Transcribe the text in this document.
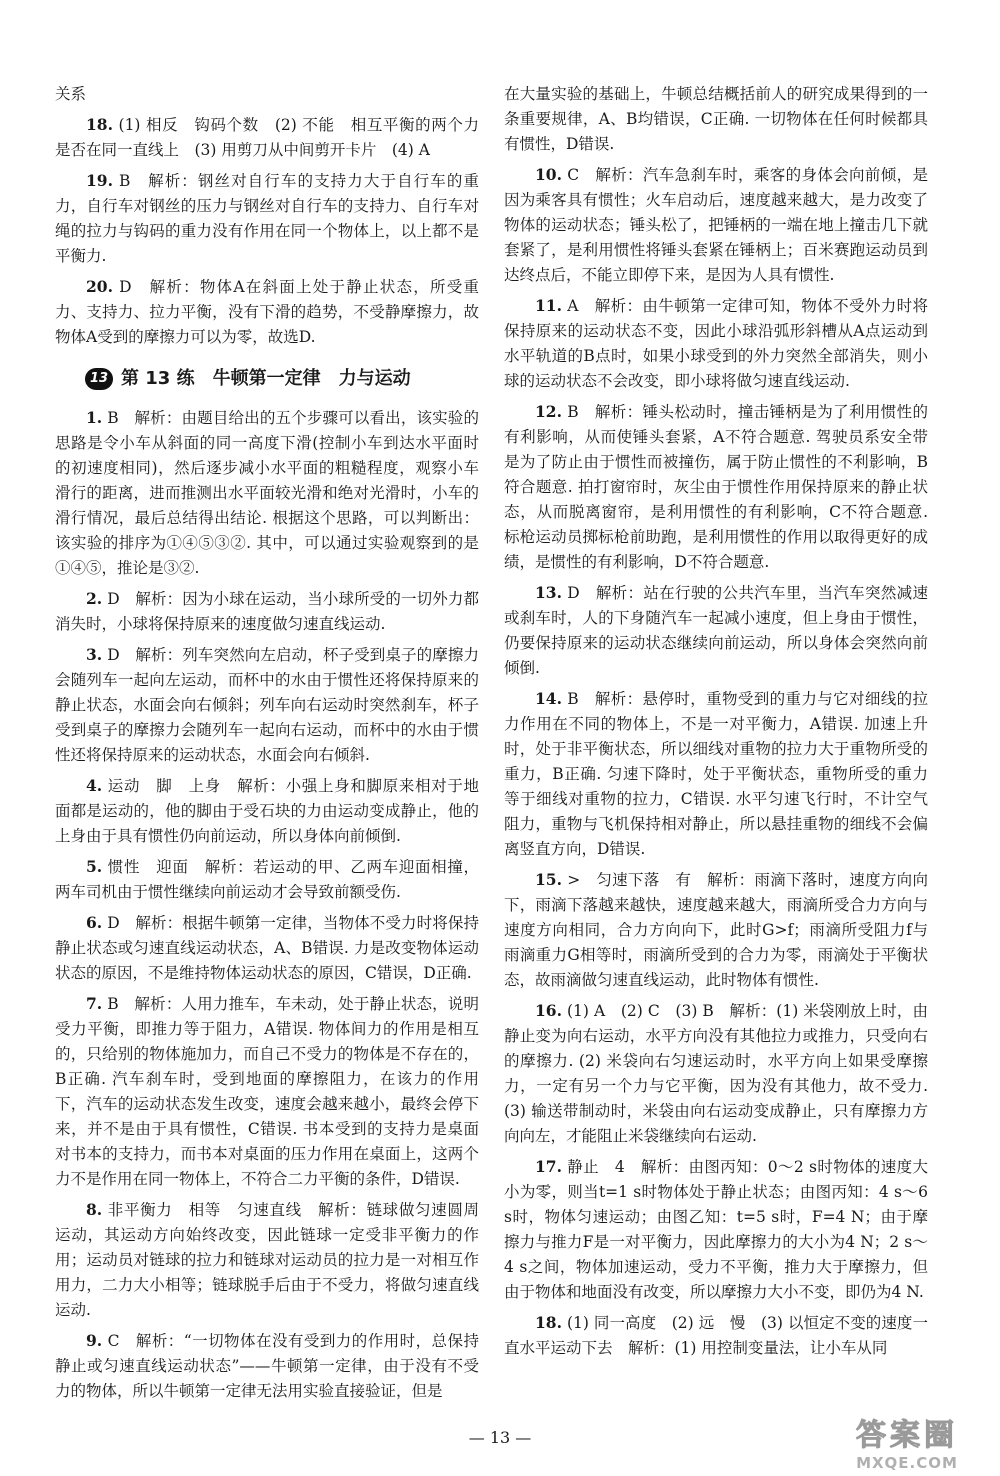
关系

18. (1) 相反　钩码个数　(2) 不能　相互平衡的两个力是否在同一直线上　(3) 用剪刀从中间剪开卡片　(4) A

19. B　解析：钢丝对自行车的支持力大于自行车的重力，自行车对钢丝的压力与钢丝对自行车的支持力、自行车对绳的拉力与钩码的重力没有作用在同一个物体上，以上都不是平衡力.

20. D　解析：物体A在斜面上处于静止状态，所受重力、支持力、拉力平衡，没有下滑的趋势，不受静摩擦力，故物体A受到的摩擦力可以为零，故选D.

13 第 13 练　牛顿第一定律　力与运动

1. B　解析：由题目给出的五个步骤可以看出，该实验的思路是令小车从斜面的同一高度下滑(控制小车到达水平面时的初速度相同)，然后逐步减小水平面的粗糙程度，观察小车滑行的距离，进而推测出水平面较光滑和绝对光滑时，小车的滑行情况，最后总结得出结论. 根据这个思路，可以判断出：该实验的排序为①④⑤③②. 其中，可以通过实验观察到的是①④⑤，推论是③②.

2. D　解析：因为小球在运动，当小球所受的一切外力都消失时，小球将保持原来的速度做匀速直线运动.

3. D　解析：列车突然向左启动，杯子受到桌子的摩擦力会随列车一起向左运动，而杯中的水由于惯性还将保持原来的静止状态，水面会向右倾斜；列车向右运动时突然刹车，杯子受到桌子的摩擦力会随列车一起向右运动，而杯中的水由于惯性还将保持原来的运动状态，水面会向右倾斜.

4. 运动　脚　上身　解析：小强上身和脚原来相对于地面都是运动的，他的脚由于受石块的力由运动变成静止，他的上身由于具有惯性仍向前运动，所以身体向前倾倒.

5. 惯性　迎面　解析：若运动的甲、乙两车迎面相撞，两车司机由于惯性继续向前运动才会导致前额受伤.

6. D　解析：根据牛顿第一定律，当物体不受力时将保持静止状态或匀速直线运动状态，A、B错误. 力是改变物体运动状态的原因，不是维持物体运动状态的原因，C错误，D正确.

7. B　解析：人用力推车，车未动，处于静止状态，说明受力平衡，即推力等于阻力，A错误. 物体间力的作用是相互的，只给别的物体施加力，而自己不受力的物体是不存在的，B正确. 汽车刹车时，受到地面的摩擦阻力，在该力的作用下，汽车的运动状态发生改变，速度会越来越小，最终会停下来，并不是由于具有惯性，C错误. 书本受到的支持力是桌面对书本的支持力，而书本对桌面的压力作用在桌面上，这两个力不是作用在同一物体上，不符合二力平衡的条件，D错误.

8. 非平衡力　相等　匀速直线　解析：链球做匀速圆周运动，其运动方向始终改变，因此链球一定受非平衡力的作用；运动员对链球的拉力和链球对运动员的拉力是一对相互作用力，二力大小相等；链球脱手后由于不受力，将做匀速直线运动.

9. C　解析：“一切物体在没有受到力的作用时，总保持静止或匀速直线运动状态”——牛顿第一定律，由于没有不受力的物体，所以牛顿第一定律无法用实验直接验证，但是

在大量实验的基础上，牛顿总结概括前人的研究成果得到的一条重要规律，A、B均错误，C正确. 一切物体在任何时候都具有惯性，D错误.

10. C　解析：汽车急刹车时，乘客的身体会向前倾，是因为乘客具有惯性；火车启动后，速度越来越大，是力改变了物体的运动状态；锤头松了，把锤柄的一端在地上撞击几下就套紧了，是利用惯性将锤头套紧在锤柄上；百米赛跑运动员到达终点后，不能立即停下来，是因为人具有惯性.

11. A　解析：由牛顿第一定律可知，物体不受外力时将保持原来的运动状态不变，因此小球沿弧形斜槽从A点运动到水平轨道的B点时，如果小球受到的外力突然全部消失，则小球的运动状态不会改变，即小球将做匀速直线运动.

12. B　解析：锤头松动时，撞击锤柄是为了利用惯性的有利影响，从而使锤头套紧，A不符合题意. 驾驶员系安全带是为了防止由于惯性而被撞伤，属于防止惯性的不利影响，B符合题意. 拍打窗帘时，灰尘由于惯性作用保持原来的静止状态，从而脱离窗帘，是利用惯性的有利影响，C不符合题意. 标枪运动员掷标枪前助跑，是利用惯性的作用以取得更好的成绩，是惯性的有利影响，D不符合题意.

13. D　解析：站在行驶的公共汽车里，当汽车突然减速或刹车时，人的下身随汽车一起减小速度，但上身由于惯性，仍要保持原来的运动状态继续向前运动，所以身体会突然向前倾倒.

14. B　解析：悬停时，重物受到的重力与它对细线的拉力作用在不同的物体上，不是一对平衡力，A错误. 加速上升时，处于非平衡状态，所以细线对重物的拉力大于重物所受的重力，B正确. 匀速下降时，处于平衡状态，重物所受的重力等于细线对重物的拉力，C错误. 水平匀速飞行时，不计空气阻力，重物与飞机保持相对静止，所以悬挂重物的细线不会偏离竖直方向，D错误.

15. >　匀速下落　有　解析：雨滴下落时，速度方向向下，雨滴下落越来越快，速度越来越大，雨滴所受合力方向与速度方向相同，合力方向向下，此时G>f；雨滴所受阻力f与雨滴重力G相等时，雨滴所受到的合力为零，雨滴处于平衡状态，故雨滴做匀速直线运动，此时物体有惯性.

16. (1) A　(2) C　(3) B　解析：(1) 米袋刚放上时，由静止变为向右运动，水平方向没有其他拉力或推力，只受向右的摩擦力. (2) 米袋向右匀速运动时，水平方向上如果受摩擦力，一定有另一个力与它平衡，因为没有其他力，故不受力. (3) 输送带制动时，米袋由向右运动变成静止，只有摩擦力方向向左，才能阻止米袋继续向右运动.

17. 静止　4　解析：由图丙知：0～2 s时物体的速度大小为零，则当t=1 s时物体处于静止状态；由图丙知：4 s～6 s时，物体匀速运动；由图乙知：t=5 s时，F=4 N；由于摩擦力与推力F是一对平衡力，因此摩擦力的大小为4 N；2 s～4 s之间，物体加速运动，受力不平衡，推力大于摩擦力，但由于物体和地面没有改变，所以摩擦力大小不变，即仍为4 N.

18. (1) 同一高度　(2) 远　慢　(3) 以恒定不变的速度一直水平运动下去　解析：(1) 用控制变量法，让小车从同

— 13 —	答案圈
MXQE.COM
